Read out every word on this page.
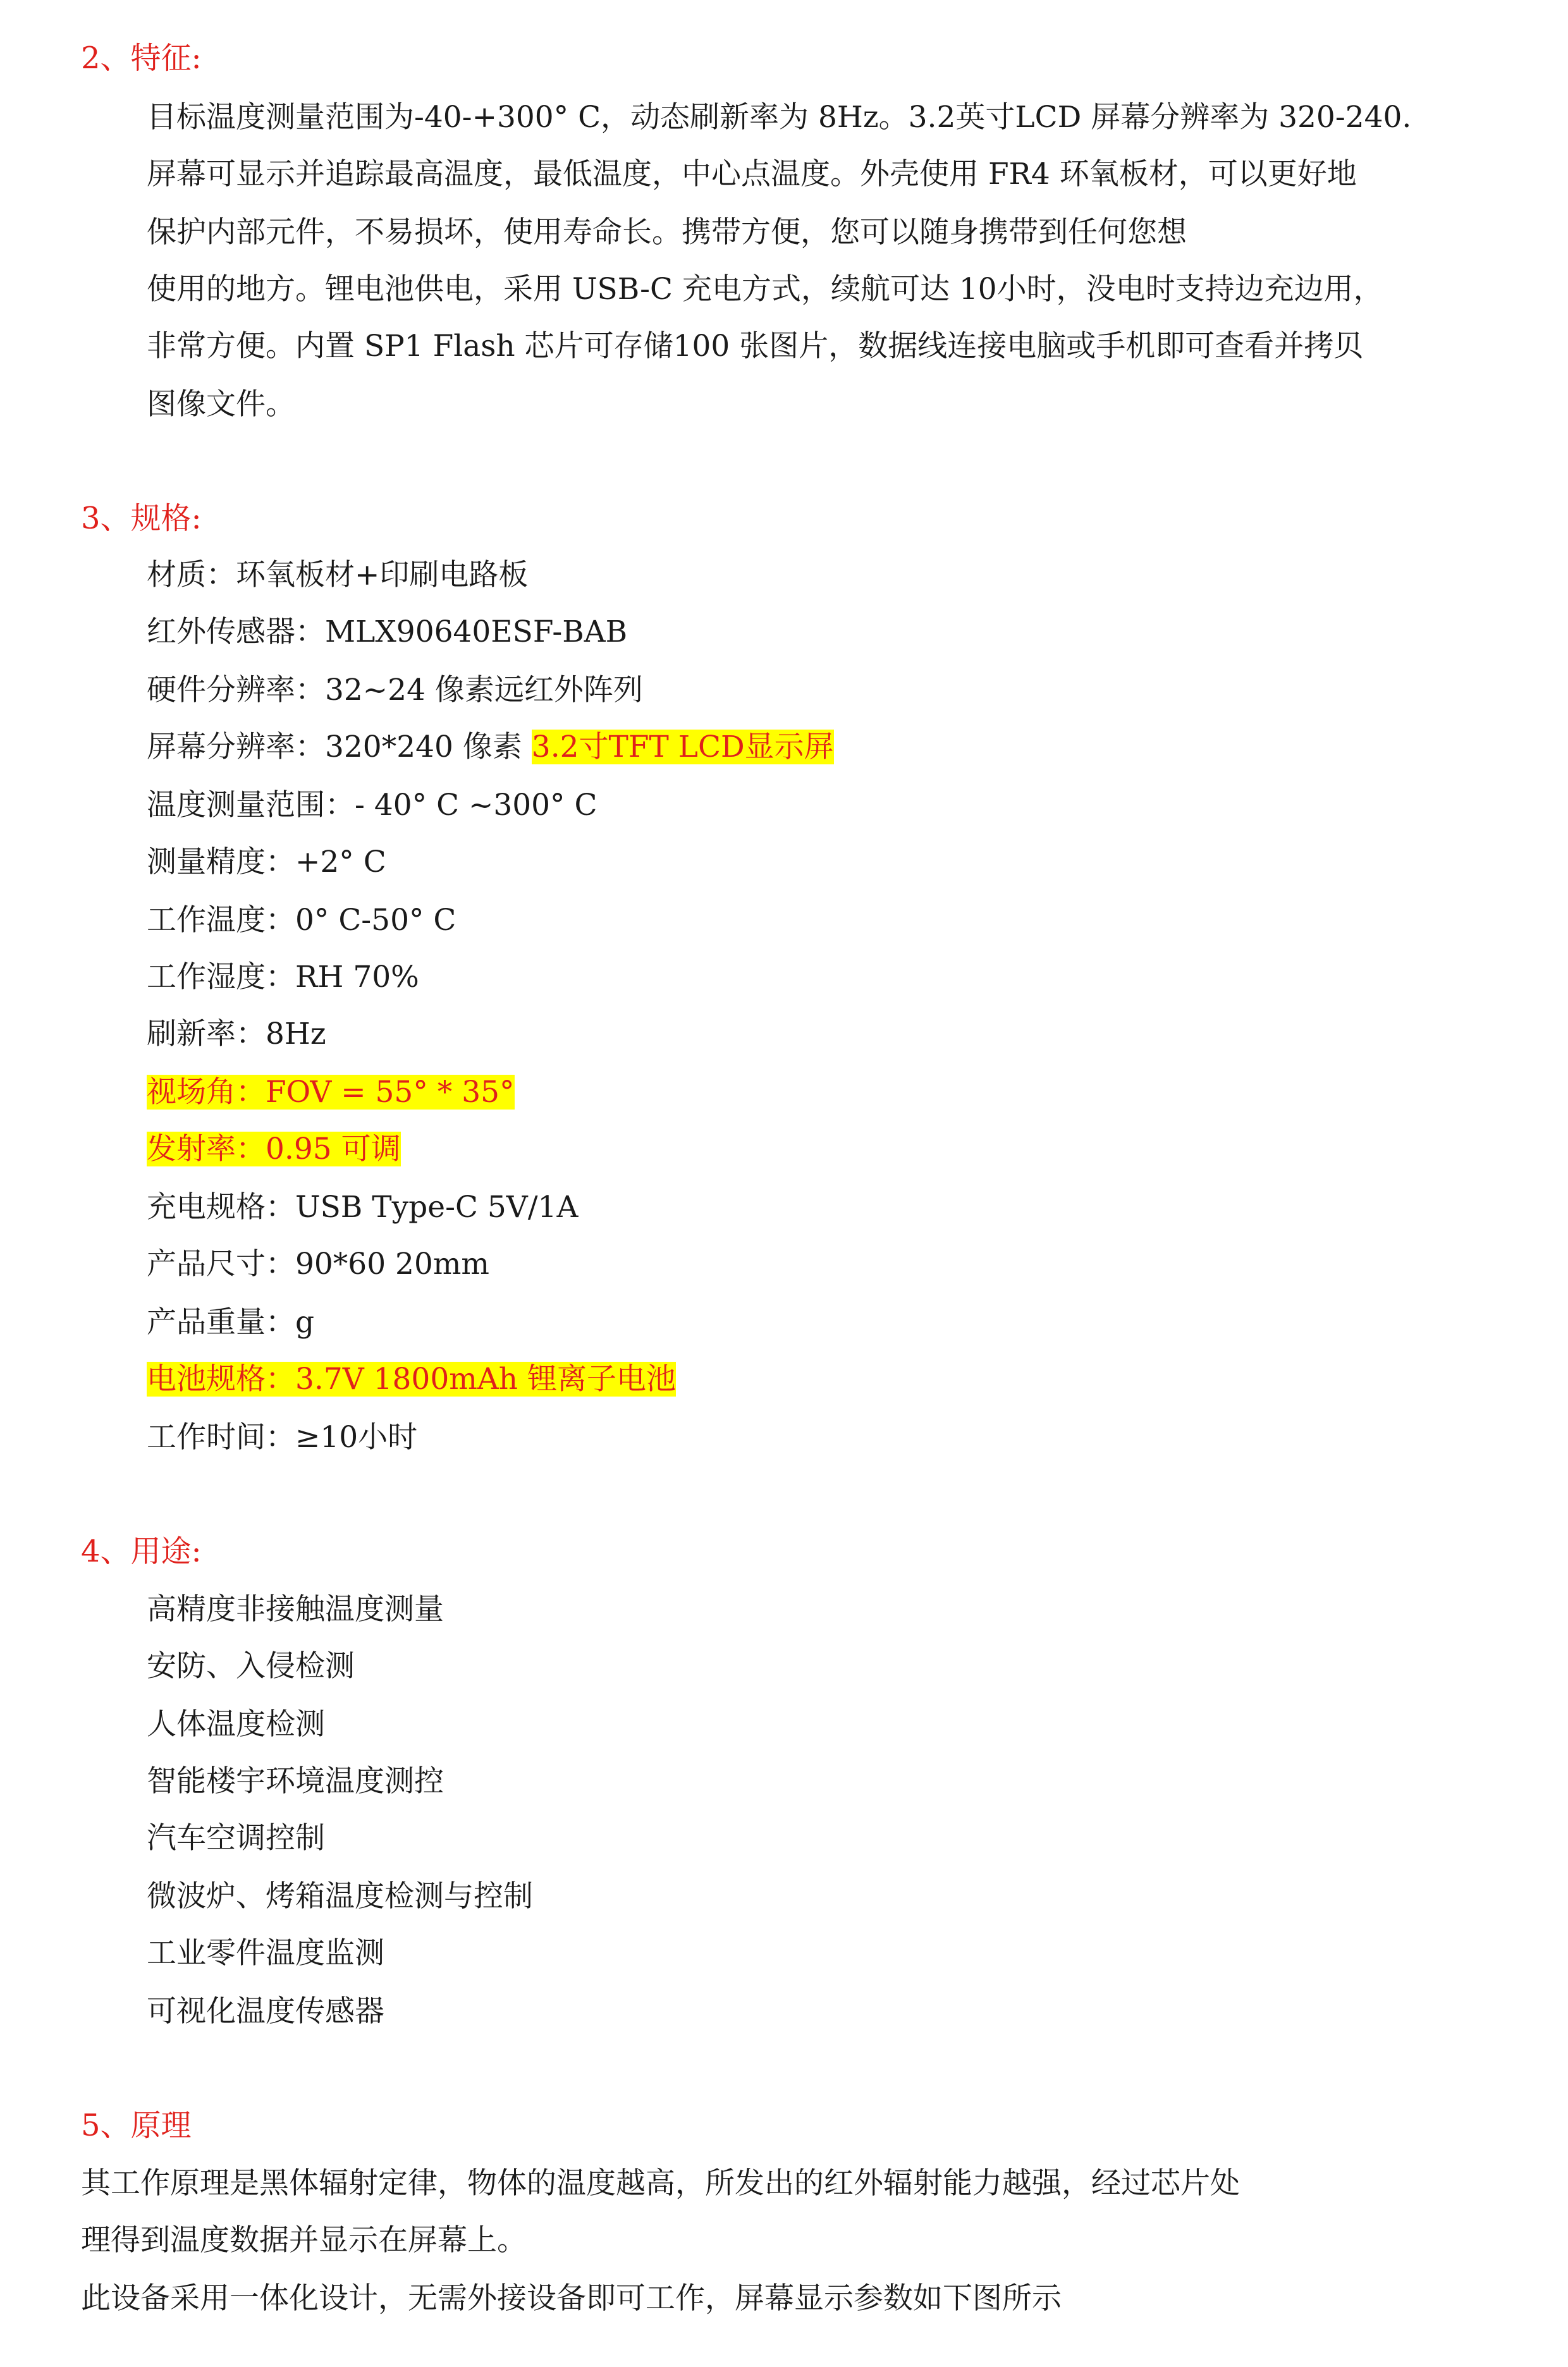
2、特征:
目标温度测量范围为-40-+300° C，动态刷新率为 8Hz。3.2英寸LCD 屏幕分辨率为 320-240.
屏幕可显示并追踪最高温度，最低温度，中心点温度。外壳使用 FR4 环氧板材，可以更好地
保护内部元件，不易损坏，使用寿命长。携带方便，您可以随身携带到任何您想
使用的地方。锂电池供电，采用 USB-C 充电方式，续航可达 10小时，没电时支持边充边用，
非常方便。内置 SP1 Flash 芯片可存储100 张图片，数据线连接电脑或手机即可查看并拷贝
图像文件。
3、规格:
材质：环氧板材+印刷电路板
红外传感器：MLX90640ESF-BAB
硬件分辨率：32~24 像素远红外阵列
屏幕分辨率：320*240 像素 3.2寸TFT LCD显示屏
温度测量范围：- 40° C ~300° C
测量精度：+2° C
工作温度：0° C-50° C
工作湿度：RH 70%
刷新率：8Hz
视场角：FOV = 55° * 35°
发射率：0.95 可调
充电规格：USB Type-C 5V/1A
产品尺寸：90*60 20mm
产品重量：g
电池规格：3.7V 1800mAh 锂离子电池
工作时间：≥10小时
4、用途:
高精度非接触温度测量
安防、入侵检测
人体温度检测
智能楼宇环境温度测控
汽车空调控制
微波炉、烤箱温度检测与控制
工业零件温度监测
可视化温度传感器
5、原理
其工作原理是黑体辐射定律，物体的温度越高，所发出的红外辐射能力越强，经过芯片处
理得到温度数据并显示在屏幕上。
此设备采用一体化设计，无需外接设备即可工作，屏幕显示参数如下图所示
